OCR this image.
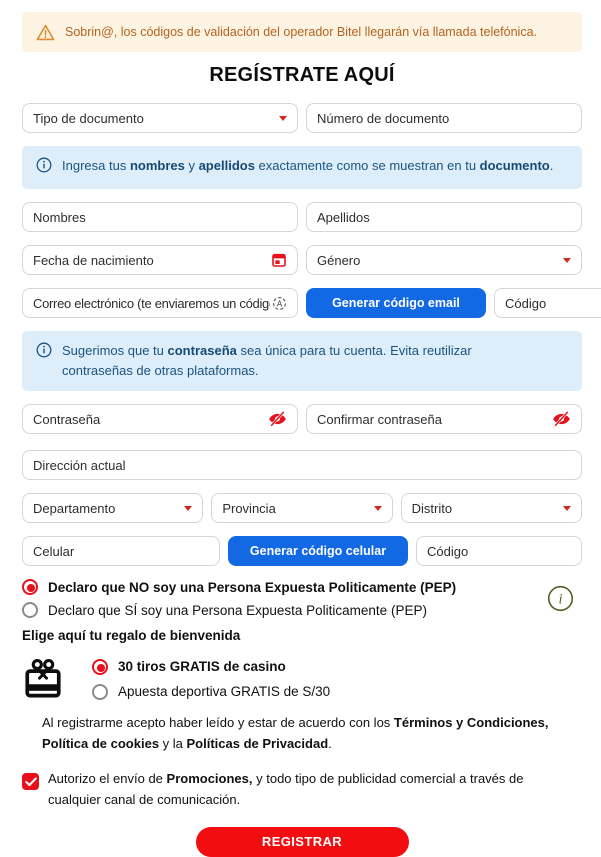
Sobrin@, los códigos de validación del operador Bitel llegarán vía llamada telefónica.
REGÍSTRATE AQUÍ
Tipo de documento
Número de documento
Ingresa tus nombres y apellidos exactamente como se muestran en tu documento.
Nombres
Apellidos
Fecha de nacimiento
Género
Correo electrónico (te enviaremos un código)
A	Generar código email
Código
Sugerimos que tu contraseña sea única para tu cuenta. Evita reutilizar contraseñas de otras plataformas.
Contraseña
Confirmar contraseña
Dirección actual
Departamento	Provincia	Distrito
Celular
Generar código celular
Código
Declaro que NO soy una Persona Expuesta Politicamente (PEP)
Declaro que SÍ soy una Persona Expuesta Politicamente (PEP)
i
Elige aquí tu regalo de bienvenida
30 tiros GRATIS de casino
Apuesta deportiva GRATIS de S/30

Al registrarme acepto haber leído y estar de acuerdo con los Términos y Condiciones, Política de cookies y la Políticas de Privacidad.

Autorizo el envío de Promociones, y todo tipo de publicidad comercial a través de cualquier canal de comunicación.
REGISTRAR
